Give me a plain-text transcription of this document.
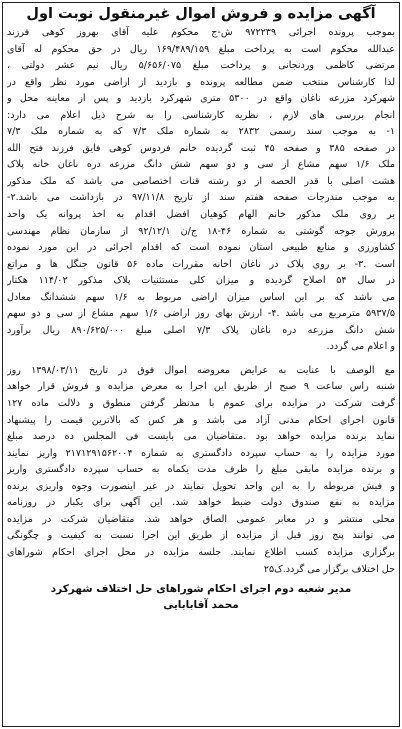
آگهی مزایده و فروش اموال غیرمنقول نوبت اول
بموجب پرونده اجرائی ۹۷۲۲۳۹ ش-ج محکوم علیه آقای بهروز کوهی فرزند
عبدالله محکوم است به پرداخت مبلغ ۱۶۹/۴۸۹/۱۵۹ ریال در حق محکوم له آقای
مرتضی کاظمی وردنجانی و پرداخت مبلغ ۵/۶۵۶/۰۷۵ ریال نیم عشر دولتی ،
لذا کارشناس منتخب ضمن مطالعه پرونده و بازدید از اراضی مورد نظر واقع در
شهرکرد مزرعه ناغان واقع در ۵۳۰۰ متری شهرکرد بازدید و پس از معاینه محل و
انجام بررسی های لازم ، نظریه کارشناسی را به شرح ذیل اعلام می دارد:
۱- به موجب سند رسمی ۲۸۳۲ به شماره ملک ۷/۳ که به شماره ملک ۷/۳
در صفحه ۳۸۵ و صفحه ۴۵ ثبت گردیده خانم فردوس کوهی فایق فرزند فتح الله
ملک ۱/۶ سهم مشاع از سی و دو سهم شش دانگ مزرعه دره ناغان خانه پلاک
هشت اصلی با قدر الحصه از دو رشته قنات اختصاصی می باشد که ملک مذکور
به موجب مندرجات صفحه هفتم سند از تاریخ ۹۷/۱۱/۸ در بازداشت می باشد.۲-
بر روی ملک مذکور خانم الهام کوهیان افضل اقدام به اخذ پروانه یک واحد
پرورش جوجه گوشتی به شماره ۴۶-۱۸ ج/ن ۹۲/۱۲/۱ از سازمان نظام مهندسی
کشاورزی و منابع طبیعی استان نموده است که اقدام اجرائی در این مورد نموده
است .۳- بر روی پلاک در ناغان اخانه مقررات ماده ۵۶ قانون جنگل ها و مراتع
در سال ۵۴ اصلاح گردیده و میزان کلی مستثنیات پلاک مذکور ۱۱۴/۰۲ هکتار
می باشد که بر این اساس میزان اراضی مربوط به ۱/۶ سهم ششدانگ معادل
۵۹۳۷/۵ مترمربع می باشد .۴- ارزش بهای روز اراضی ۱/۶ سهم مشاع از سی و دو سهم
شش دانگ مزرعه دره ناغان پلاک ۷/۳ اصلی مبلغ ۸۹۰/۶۲۵/۰۰۰ ریال برآورد
و اعلام می گردد.
مع الوصف با عنایت به عرایض معروضه اموال فوق در تاریخ ۱۳۹۸/۰۳/۱۱ روز
شنبه راس ساعت ۹ صبح از طریق این اجرا به معرض مزایده و فروش قرار خواهد
گرفت شرکت در مزایده برای عموم با مدنظر گرفتن منطوق و دلالت ماده ۱۲۷
قانون اجرای احکام مدنی آزاد می باشد و هر کس که بالاترین قیمت را پیشنهاد
نماید برنده مزایده خواهد بود .متقاضیان می بایست فی المجلس ده درصد مبلغ
مورد مزایده را به حساب سپرده دادگستری به شماره ۲۱۷۱۲۹۱۵۶۲۰۰۴ واریز نمایند
و برنده مزایده مابقی مبلغ را ظرف مدت یکماه به حساب سپرده دادگستری واریز
و فیش مربوطه را به این واحد تحویل نمایند در غیر اینصورت وجوه واریزی برنده
مزایده به نفع صندوق دولت ضبط خواهد شد. این آگهی برای یکبار در روزنامه
محلی منتشر و در معابر عمومی الصاق خواهد شد. متقاضیان شرکت در مزایده
می توانند پنج روز قبل از مزایده از طریق این اجرا نسبت به کیفیت و چگونگی
برگزاری مزایده کسب اطلاع نمایند. جلسه مزایده در محل اجرای احکام شوراهای
حل اختلاف برگزار می گردد.ک۲۵
مدیر شعبه دوم اجرای احکام شوراهای حل اختلاف شهرکرد
محمد آقابابایی
